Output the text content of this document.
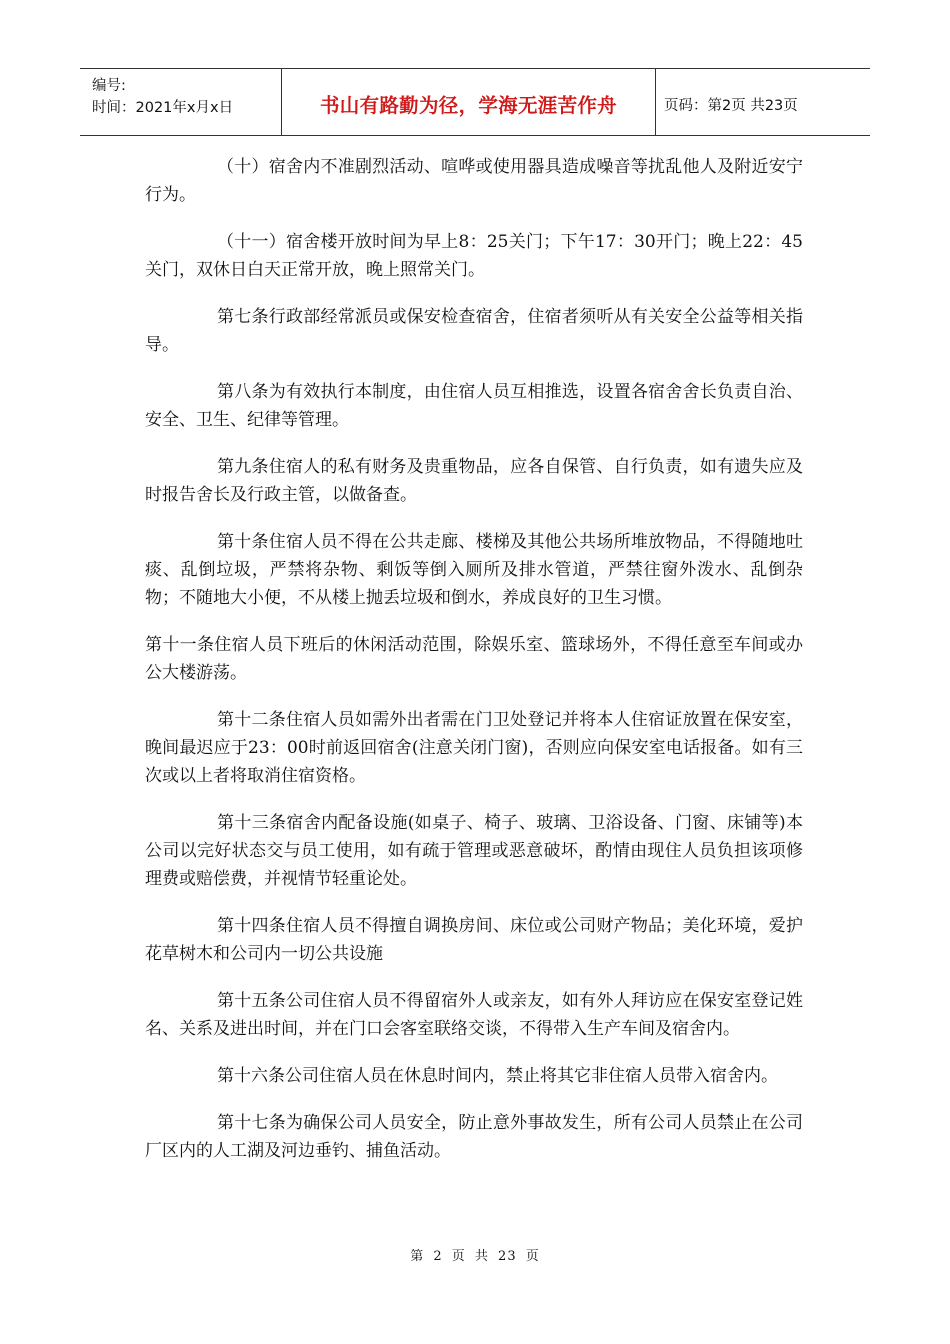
编号:
时间：2021年x月x日	书山有路勤为径，学海无涯苦作舟	页码：第2页 共23页

（十）宿舍内不准剧烈活动、喧哗或使用器具造成噪音等扰乱他人及附近安宁行为。

（十一）宿舍楼开放时间为早上8：25关门；下午17：30开门；晚上22：45关门，双休日白天正常开放，晚上照常关门。

第七条行政部经常派员或保安检查宿舍，住宿者须听从有关安全公益等相关指导。

第八条为有效执行本制度，由住宿人员互相推选，设置各宿舍舍长负责自治、安全、卫生、纪律等管理。

第九条住宿人的私有财务及贵重物品，应各自保管、自行负责，如有遗失应及时报告舍长及行政主管，以做备查。

第十条住宿人员不得在公共走廊、楼梯及其他公共场所堆放物品，不得随地吐痰、乱倒垃圾，严禁将杂物、剩饭等倒入厕所及排水管道，严禁往窗外泼水、乱倒杂物；不随地大小便，不从楼上抛丢垃圾和倒水，养成良好的卫生习惯。

第十一条住宿人员下班后的休闲活动范围，除娱乐室、篮球场外，不得任意至车间或办公大楼游荡。

第十二条住宿人员如需外出者需在门卫处登记并将本人住宿证放置在保安室，晚间最迟应于23：00时前返回宿舍(注意关闭门窗)，否则应向保安室电话报备。如有三次或以上者将取消住宿资格。

第十三条宿舍内配备设施(如桌子、椅子、玻璃、卫浴设备、门窗、床铺等)本公司以完好状态交与员工使用，如有疏于管理或恶意破坏，酌情由现住人员负担该项修理费或赔偿费，并视情节轻重论处。

第十四条住宿人员不得擅自调换房间、床位或公司财产物品；美化环境，爱护花草树木和公司内一切公共设施

第十五条公司住宿人员不得留宿外人或亲友，如有外人拜访应在保安室登记姓名、关系及进出时间，并在门口会客室联络交谈，不得带入生产车间及宿舍内。

第十六条公司住宿人员在休息时间内，禁止将其它非住宿人员带入宿舍内。

第十七条为确保公司人员安全，防止意外事故发生，所有公司人员禁止在公司厂区内的人工湖及河边垂钓、捕鱼活动。

第 2 页 共 23 页
